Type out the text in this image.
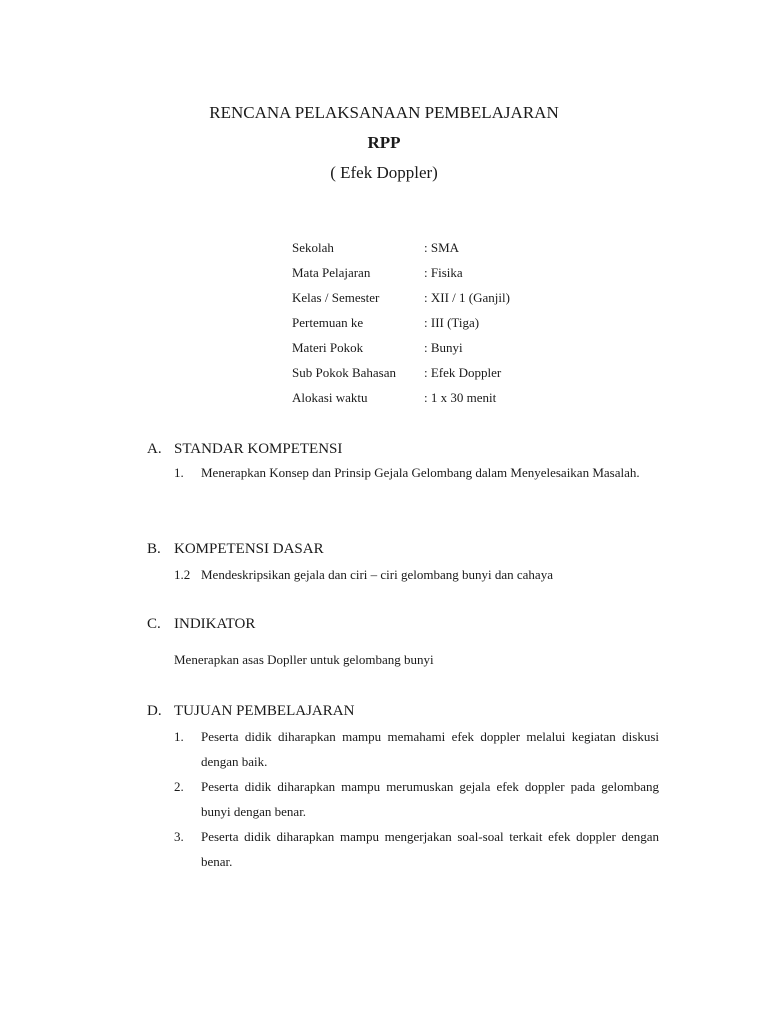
RENCANA PELAKSANAAN PEMBELAJARAN
RPP
( Efek Doppler)
Sekolah	: SMA
Mata Pelajaran	: Fisika
Kelas / Semester	: XII / 1 (Ganjil)
Pertemuan ke	: III (Tiga)
Materi Pokok	: Bunyi
Sub Pokok Bahasan	: Efek Doppler
Alokasi waktu	: 1 x 30 menit
A. STANDAR KOMPETENSI
1.	Menerapkan Konsep dan Prinsip Gejala Gelombang dalam Menyelesaikan Masalah.
B. KOMPETENSI DASAR
1.2 Mendeskripsikan gejala dan ciri – ciri gelombang bunyi dan cahaya
C. INDIKATOR
Menerapkan asas Dopller untuk gelombang bunyi
D. TUJUAN PEMBELAJARAN
1.	Peserta didik diharapkan mampu memahami efek doppler melalui kegiatan diskusi dengan baik.
2.	Peserta didik diharapkan mampu merumuskan gejala efek doppler pada gelombang bunyi dengan benar.
3.	Peserta didik diharapkan mampu mengerjakan soal-soal terkait efek doppler dengan benar.
